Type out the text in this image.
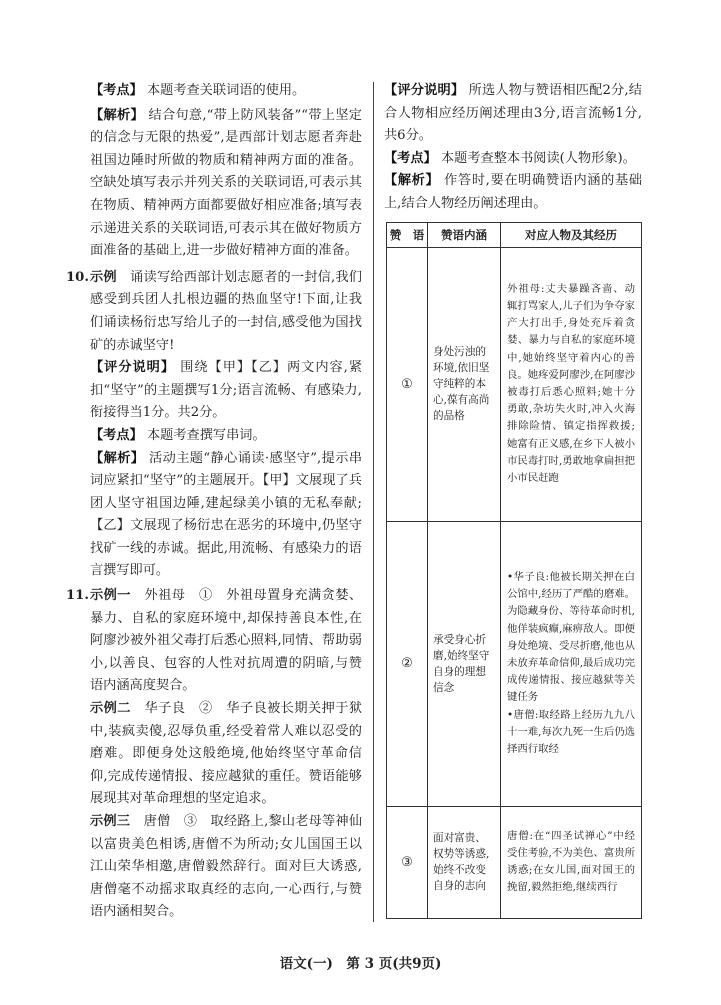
【考点】 本题考查关联词语的使用。

【解析】 结合句意,“带上防风装备”“带上坚定的信念与无限的热爱”,是西部计划志愿者奔赴祖国边陲时所做的物质和精神两方面的准备。空缺处填写表示并列关系的关联词语,可表示其在物质、精神两方面都要做好相应准备;填写表示递进关系的关联词语,可表示其在做好物质方面准备的基础上,进一步做好精神方面的准备。

10. 示例　 诵读写给西部计划志愿者的一封信,我们感受到兵团人扎根边疆的热血坚守!下面,让我们诵读杨衍忠写给儿子的一封信,感受他为国找矿的赤诚坚守!
【评分说明】 围绕【甲】【乙】两文内容,紧扣“坚守”的主题撰写1分;语言流畅、有感染力,衔接得当1分。共2分。
【考点】 本题考查撰写串词。
【解析】 活动主题“静心诵读·感坚守”,提示串词应紧扣“坚守”的主题展开。【甲】文展现了兵团人坚守祖国边陲,建起绿美小镇的无私奉献;【乙】文展现了杨衍忠在恶劣的环境中,仍坚守找矿一线的赤诚。据此,用流畅、有感染力的语言撰写即可。
11. 示例一　 外祖母　①　外祖母置身充满贪婪、暴力、自私的家庭环境中,却保持善良本性,在阿廖沙被外祖父毒打后悉心照料,同情、帮助弱小,以善良、包容的人性对抗周遭的阴暗,与赞语内涵高度契合。
示例二　 华子良　②　华子良被长期关押于狱中,装疯卖傻,忍辱负重,经受着常人难以忍受的磨难。即便身处这般绝境,他始终坚守革命信仰,完成传递情报、接应越狱的重任。赞语能够展现其对革命理想的坚定追求。
示例三　 唐僧　③　取经路上,黎山老母等神仙以富贵美色相诱,唐僧不为所动;女儿国国王以江山荣华相邀,唐僧毅然辞行。面对巨大诱惑,唐僧毫不动摇求取真经的志向,一心西行,与赞语内涵相契合。

【评分说明】 所选人物与赞语相匹配2分,结合人物相应经历阐述理由3分,语言流畅1分,共6分。

【考点】 本题考查整本书阅读(人物形象)。

【解析】 作答时,要在明确赞语内涵的基础上,结合人物经历阐述理由。

赞　语	赞语内涵	对应人物及其经历
①	身处污浊的环境,依旧坚守纯粹的本心,葆有高尚的品格	外祖母:丈夫暴躁吝啬、动辄打骂家人,儿子们为争夺家产大打出手,身处充斥着贪婪、暴力与自私的家庭环境中,她始终坚守着内心的善良。她疼爱阿廖沙,在阿廖沙被毒打后悉心照料;她十分勇敢,杂坊失火时,冲入火海排除险情、镇定指挥救援;她富有正义感,在乡下人被小市民毒打时,勇敢地拿扁担把小市民赶跑
②	承受身心折磨,始终坚守自身的理想信念	•华子良:他被长期关押在白公馆中,经历了严酷的磨难。为隐藏身份、等待革命时机,他佯装疯癫,麻痹敌人。即便身处绝境、受尽折磨,他也从未放弃革命信仰,最后成功完成传递情报、接应越狱等关键任务
•唐僧:取经路上经历九九八十一难,每次九死一生后仍选择西行取经

③	面对富贵、权势等诱惑,始终不改变自身的志向	唐僧:在“四圣试禅心”中经受住考验,不为美色、富贵所诱惑;在女儿国,面对国王的挽留,毅然拒绝,继续西行
语文(一)　第 3 页(共9页)
